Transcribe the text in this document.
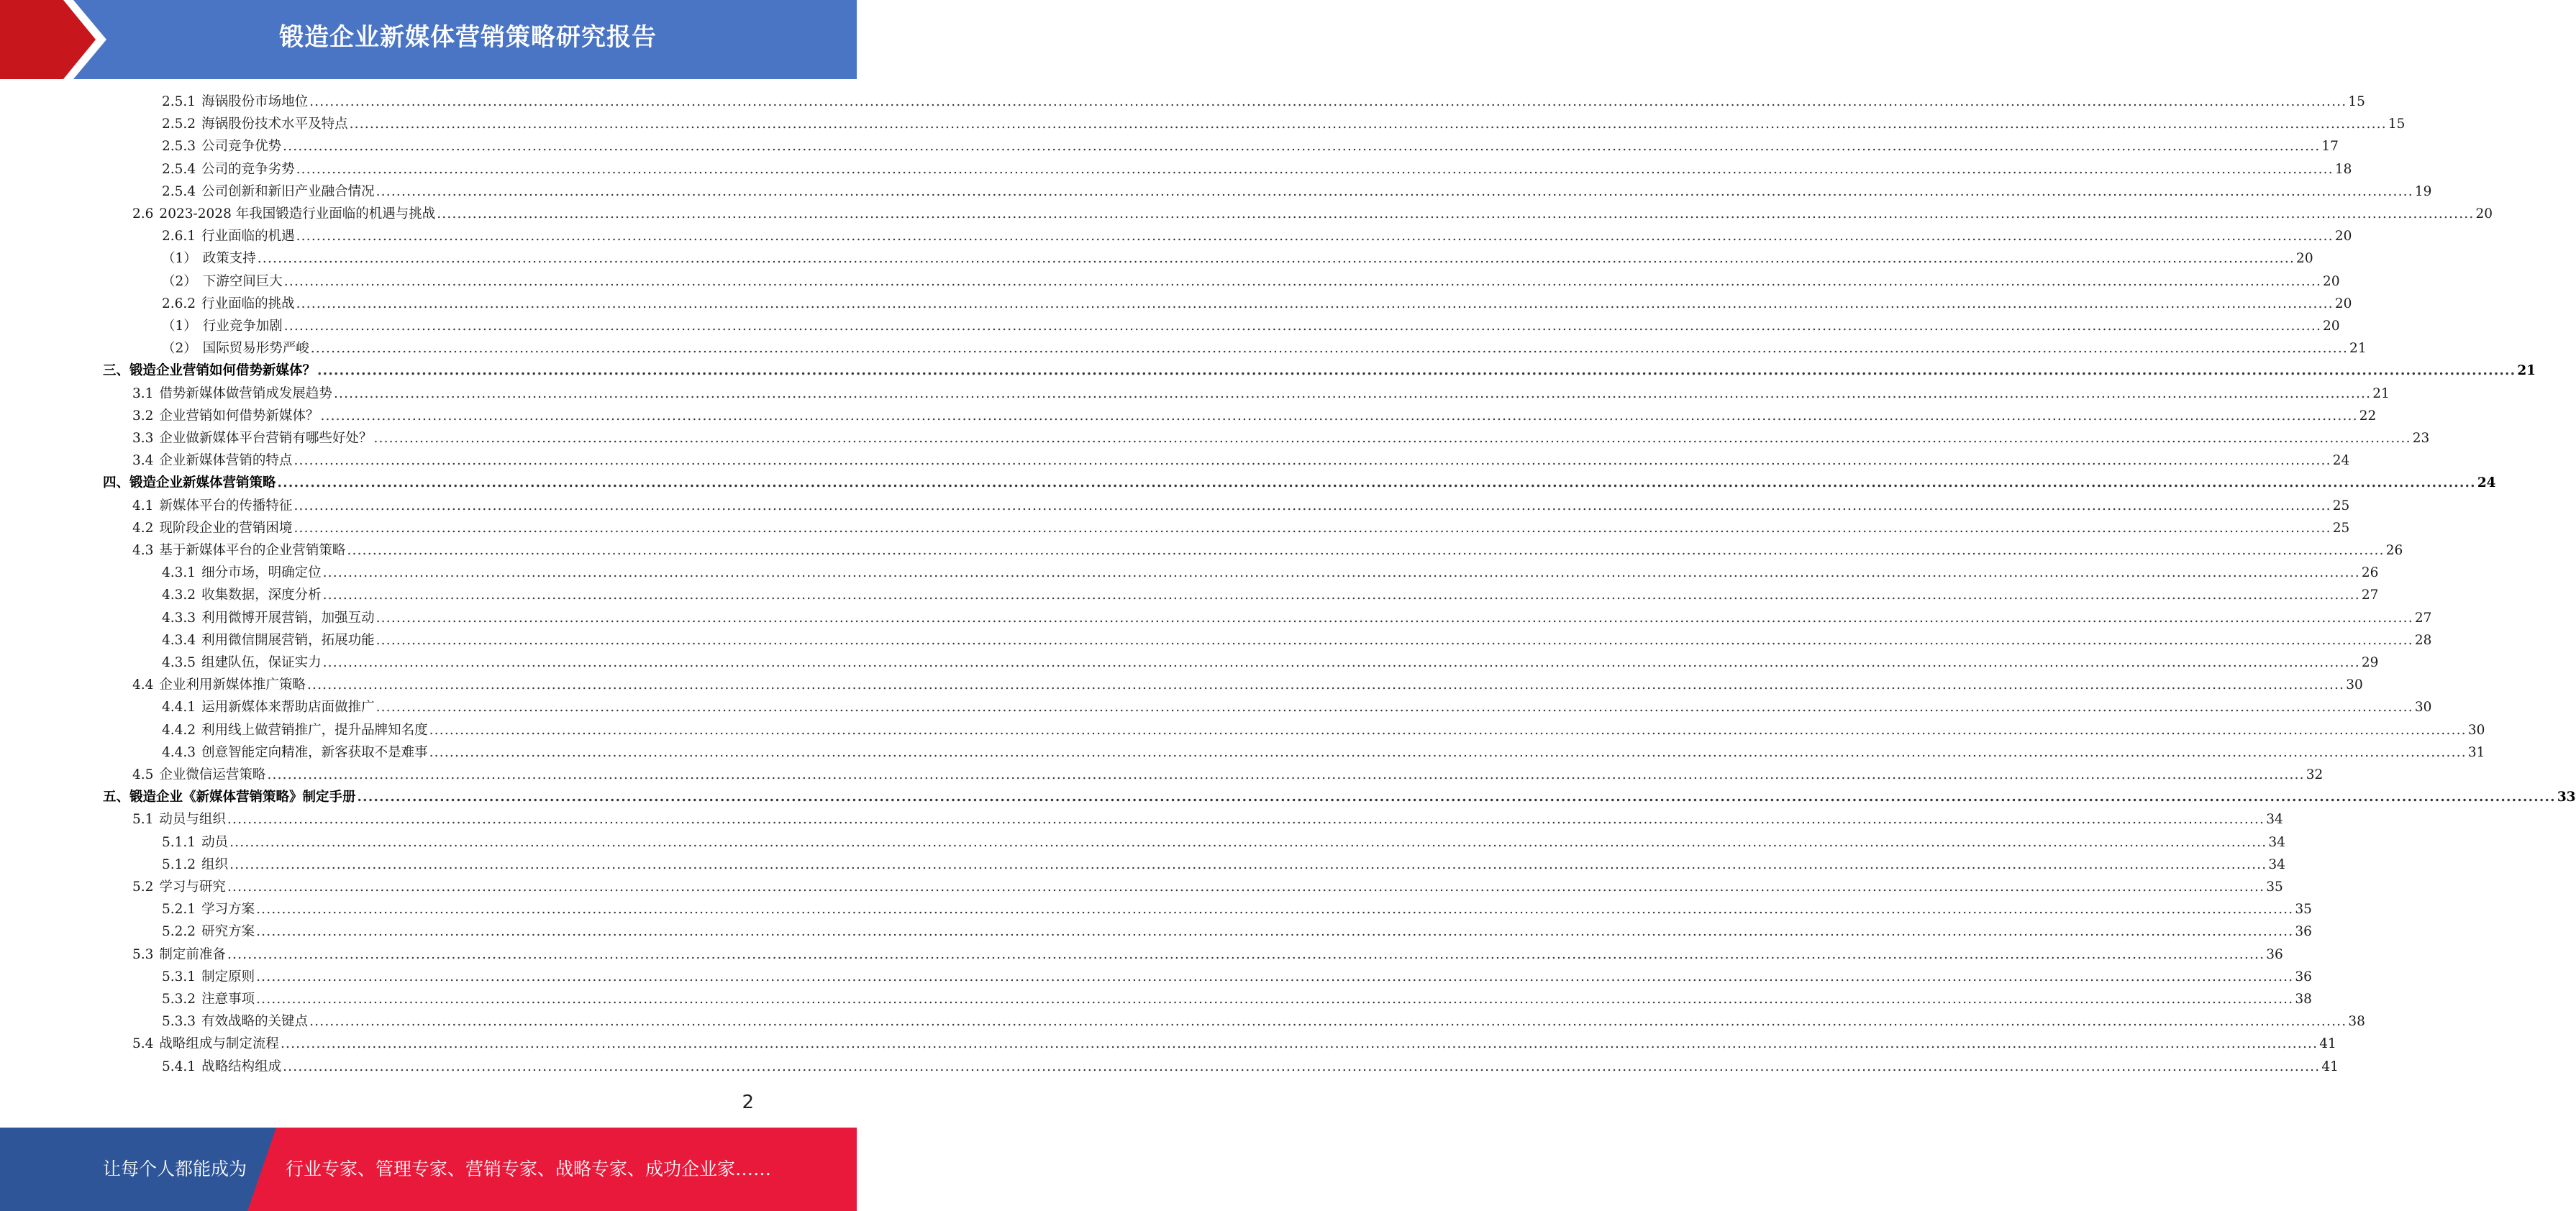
锻造企业新媒体营销策略研究报告
2.5.1 海锅股份市场地位 ................................................................................................................................................................................................................................................................................................................................................................................................................ 15
2.5.2 海锅股份技术水平及特点 ................................................................................................................................................................................................................................................................................................................................................................................................................ 15
2.5.3 公司竞争优势 ................................................................................................................................................................................................................................................................................................................................................................................................................ 17
2.5.4 公司的竞争劣势 ................................................................................................................................................................................................................................................................................................................................................................................................................ 18
2.5.4 公司创新和新旧产业融合情况 ................................................................................................................................................................................................................................................................................................................................................................................................................ 19
2.6 2023-2028 年我国锻造行业面临的机遇与挑战 ................................................................................................................................................................................................................................................................................................................................................................................................................ 20
2.6.1 行业面临的机遇 ................................................................................................................................................................................................................................................................................................................................................................................................................ 20
（1） 政策支持 ................................................................................................................................................................................................................................................................................................................................................................................................................ 20
（2） 下游空间巨大 ................................................................................................................................................................................................................................................................................................................................................................................................................ 20
2.6.2 行业面临的挑战 ................................................................................................................................................................................................................................................................................................................................................................................................................ 20
（1） 行业竞争加剧 ................................................................................................................................................................................................................................................................................................................................................................................................................ 20
（2） 国际贸易形势严峻 ................................................................................................................................................................................................................................................................................................................................................................................................................ 21
三、 锻造企业营销如何借势新媒体？ ................................................................................................................................................................................................................................................................................................................................................................................................................ 21
3.1 借势新媒体做营销成发展趋势 ................................................................................................................................................................................................................................................................................................................................................................................................................ 21
3.2 企业营销如何借势新媒体？ ................................................................................................................................................................................................................................................................................................................................................................................................................ 22
3.3 企业做新媒体平台营销有哪些好处？ ................................................................................................................................................................................................................................................................................................................................................................................................................ 23
3.4 企业新媒体营销的特点 ................................................................................................................................................................................................................................................................................................................................................................................................................ 24
四、 锻造企业新媒体营销策略 ................................................................................................................................................................................................................................................................................................................................................................................................................ 24
4.1 新媒体平台的传播特征 ................................................................................................................................................................................................................................................................................................................................................................................................................ 25
4.2 现阶段企业的营销困境 ................................................................................................................................................................................................................................................................................................................................................................................................................ 25
4.3 基于新媒体平台的企业营销策略 ................................................................................................................................................................................................................................................................................................................................................................................................................ 26
4.3.1 细分市场，明确定位 ................................................................................................................................................................................................................................................................................................................................................................................................................ 26
4.3.2 收集数据，深度分析 ................................................................................................................................................................................................................................................................................................................................................................................................................ 27
4.3.3 利用微博开展营销，加强互动 ................................................................................................................................................................................................................................................................................................................................................................................................................ 27
4.3.4 利用微信開展营销，拓展功能 ................................................................................................................................................................................................................................................................................................................................................................................................................ 28
4.3.5 组建队伍，保证实力 ................................................................................................................................................................................................................................................................................................................................................................................................................ 29
4.4 企业利用新媒体推广策略 ................................................................................................................................................................................................................................................................................................................................................................................................................ 30
4.4.1 运用新媒体来帮助店面做推广 ................................................................................................................................................................................................................................................................................................................................................................................................................ 30
4.4.2 利用线上做营销推广，提升品牌知名度 ................................................................................................................................................................................................................................................................................................................................................................................................................ 30
4.4.3 创意智能定向精准，新客获取不是难事 ................................................................................................................................................................................................................................................................................................................................................................................................................ 31
4.5 企业微信运营策略 ................................................................................................................................................................................................................................................................................................................................................................................................................ 32
五、 锻造企业《新媒体营销策略》制定手册 ................................................................................................................................................................................................................................................................................................................................................................................................................ 33
5.1 动员与组织 ................................................................................................................................................................................................................................................................................................................................................................................................................ 34
5.1.1 动员 ................................................................................................................................................................................................................................................................................................................................................................................................................ 34
5.1.2 组织 ................................................................................................................................................................................................................................................................................................................................................................................................................ 34
5.2 学习与研究 ................................................................................................................................................................................................................................................................................................................................................................................................................ 35
5.2.1 学习方案 ................................................................................................................................................................................................................................................................................................................................................................................................................ 35
5.2.2 研究方案 ................................................................................................................................................................................................................................................................................................................................................................................................................ 36
5.3 制定前准备 ................................................................................................................................................................................................................................................................................................................................................................................................................ 36
5.3.1 制定原则 ................................................................................................................................................................................................................................................................................................................................................................................................................ 36
5.3.2 注意事项 ................................................................................................................................................................................................................................................................................................................................................................................................................ 38
5.3.3 有效战略的关键点 ................................................................................................................................................................................................................................................................................................................................................................................................................ 38
5.4 战略组成与制定流程 ................................................................................................................................................................................................................................................................................................................................................................................................................ 41
5.4.1 战略结构组成 ................................................................................................................................................................................................................................................................................................................................................................................................................ 41
2
让每个人都能成为 行业专家、管理专家、营销专家、战略专家、成功企业家……
